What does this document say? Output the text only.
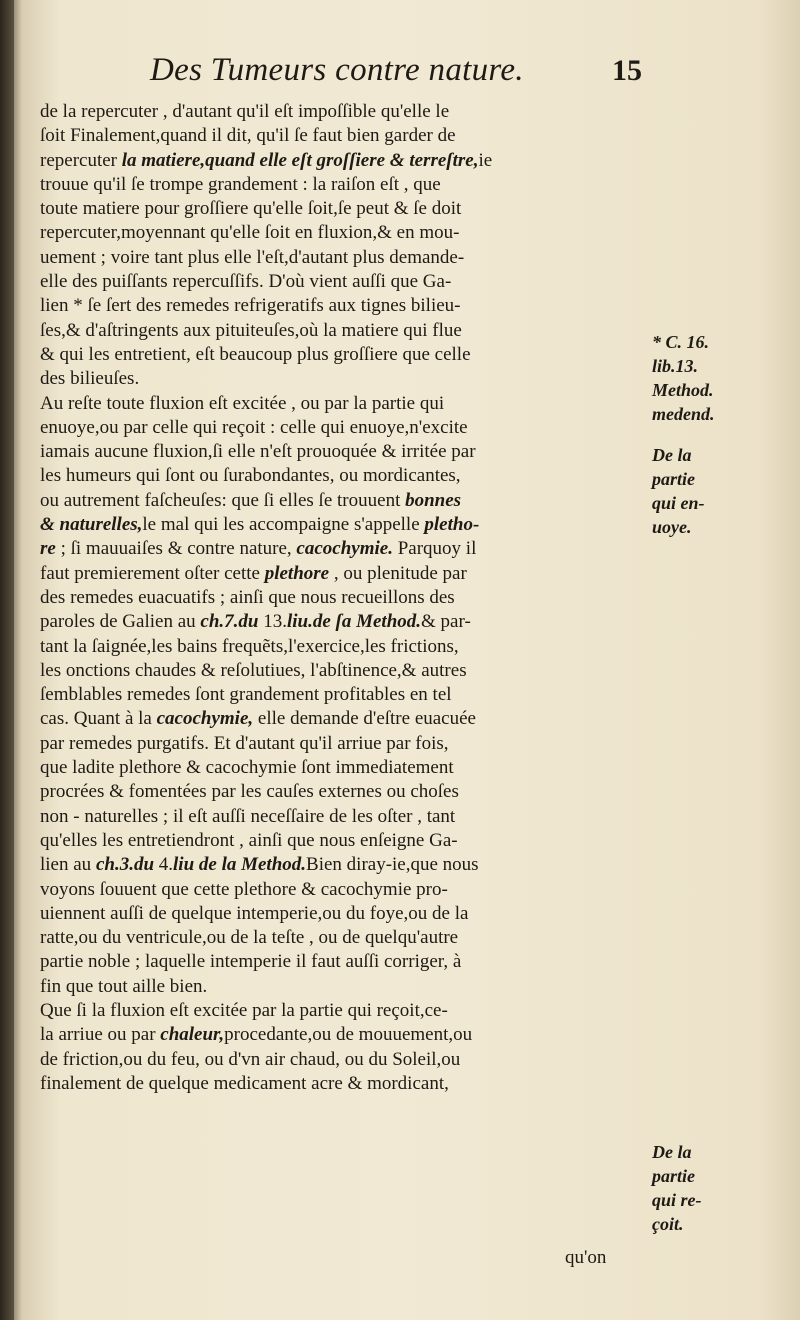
Des Tumeurs contre nature.	15
de la repercuter , d'autant qu'il eſt impoſſible qu'elle le
ſoit Finalement,quand il dit, qu'il ſe faut bien garder de
repercuter la matiere,quand elle eſt groſſiere & terreſtre,ie
trouue qu'il ſe trompe grandement : la raiſon eſt , que
toute matiere pour groſſiere qu'elle ſoit,ſe peut & ſe doit
repercuter,moyennant qu'elle ſoit en fluxion,& en mou-
uement ; voire tant plus elle l'eſt,d'autant plus demande-
elle des puiſſants repercuſſifs. D'où vient auſſi que Ga-
lien * ſe ſert des remedes refrigeratifs aux tignes bilieu-
ſes,& d'aſtringents aux pituiteuſes,où la matiere qui flue
& qui les entretient, eſt beaucoup plus groſſiere que celle
des bilieuſes.
Au reſte toute fluxion eſt excitée , ou par la partie qui
enuoye,ou par celle qui reçoit : celle qui enuoye,n'excite
iamais aucune fluxion,ſi elle n'eſt prouoquée & irritée par
les humeurs qui ſont ou ſurabondantes, ou mordicantes,
ou autrement faſcheuſes: que ſi elles ſe trouuent bonnes
& naturelles,le mal qui les accompaigne s'appelle pletho-
re ; ſi mauuaiſes & contre nature, cacochymie. Parquoy il
faut premierement oſter cette plethore , ou plenitude par
des remedes euacuatifs ; ainſi que nous recueillons des
paroles de Galien au ch.7.du 13.liu.de ſa Method.& par-
tant la ſaignée,les bains frequẽts,l'exercice,les frictions,
les onctions chaudes & reſolutiues, l'abſtinence,& autres
ſemblables remedes ſont grandement profitables en tel
cas. Quant à la cacochymie, elle demande d'eſtre euacuée
par remedes purgatifs. Et d'autant qu'il arriue par fois,
que ladite plethore & cacochymie ſont immediatement
procrées & fomentées par les cauſes externes ou choſes
non - naturelles ; il eſt auſſi neceſſaire de les oſter , tant
qu'elles les entretiendront , ainſi que nous enſeigne Ga-
lien au ch.3.du 4.liu de la Method.Bien diray-ie,que nous
voyons ſouuent que cette plethore & cacochymie pro-
uiennent auſſi de quelque intemperie,ou du foye,ou de la
ratte,ou du ventricule,ou de la teſte , ou de quelqu'autre
partie noble ; laquelle intemperie il faut auſſi corriger, à
fin que tout aille bien.
Que ſi la fluxion eſt excitée par la partie qui reçoit,ce-
la arriue ou par chaleur,procedante,ou de mouuement,ou
de friction,ou du feu, ou d'vn air chaud, ou du Soleil,ou
finalement de quelque medicament acre & mordicant,
qu'on
* C. 16.
lib.13.
Method.
medend.
De la
partie
qui en-
uoye.
De la
partie
qui re-
çoit.
